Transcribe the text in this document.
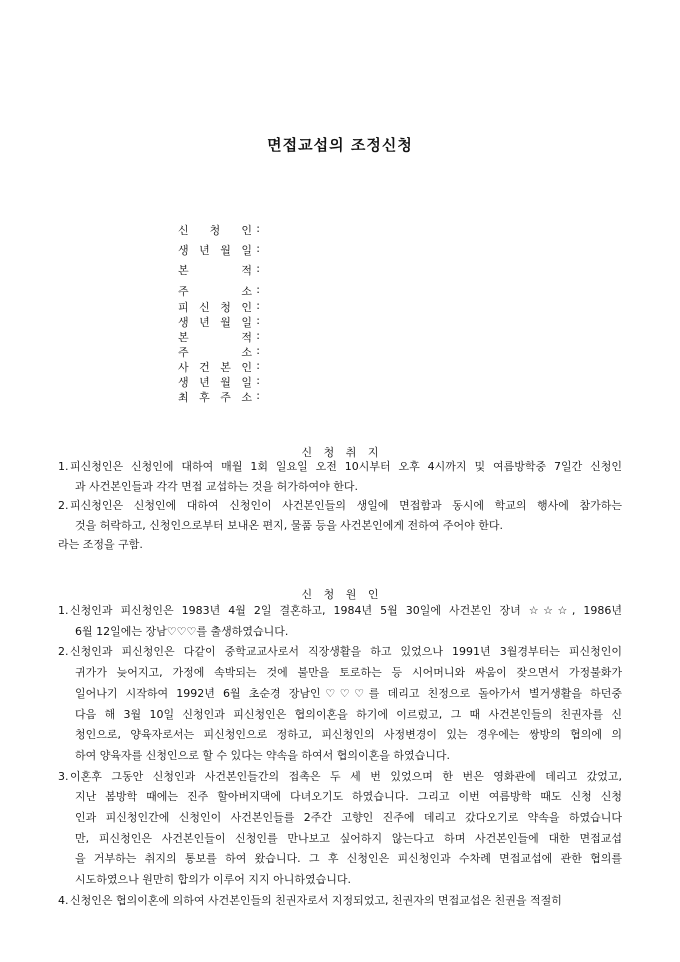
면접교섭의 조정신청
신 청 인 :
생 년 월 일 :
본	적 :
주	소 :
피 신 청 인 :
생 년 월 일 :
본	적 :
주	소 :
사 건 본 인 :
생 년 월 일 :
최 후 주 소 :
신 청 취 지
1. 피신청인은 신청인에 대하여 매월 1회 일요일 오전 10시부터 오후 4시까지 및 여름방학중 7일간 신청인
과 사건본인들과 각각 면접 교섭하는 것을 허가하여야 한다.
2. 피신청인은 신청인에 대하여 신청인이 사건본인들의 생일에 면접함과 동시에 학교의 행사에 참가하는
것을 허락하고, 신청인으로부터 보내온 편지, 물품 등을 사건본인에게 전하여 주어야 한다.
라는 조정을 구함.
신 청 원 인
1. 신청인과 피신청인은 1983년 4월 2일 결혼하고, 1984년 5월 30일에 사건본인 장녀 ☆☆☆, 1986년
6월 12일에는 장남♡♡♡를 출생하였습니다.
2. 신청인과 피신청인은 다같이 중학교교사로서 직장생활을 하고 있었으나 1991년 3월경부터는 피신청인이
귀가가 늦어지고, 가정에 속박되는 것에 불만을 토로하는 등 시어머니와 싸움이 잦으면서 가정불화가
일어나기 시작하여 1992년 6월 초순경 장남인♡♡♡를 데리고 친정으로 돌아가서 별거생활을 하던중
다음 해 3월 10일 신청인과 피신청인은 협의이혼을 하기에 이르렀고, 그 때 사건본인들의 친권자를 신
청인으로, 양육자로서는 피신청인으로 정하고, 피신청인의 사정변경이 있는 경우에는 쌍방의 협의에 의
하여 양육자를 신청인으로 할 수 있다는 약속을 하여서 협의이혼을 하였습니다.
3. 이혼후 그동안 신청인과 사건본인들간의 접촉은 두 세 번 있었으며 한 번은 영화관에 데리고 갔었고,
지난 봄방학 때에는 진주 할아버지댁에 다녀오기도 하였습니다. 그리고 이번 여름방학 때도 신청 신청
인과 피신청인간에 신청인이 사건본인들를 2주간 고향인 진주에 데리고 갔다오기로 약속을 하였습니다
만, 피신청인은 사건본인들이 신청인를 만나보고 싶어하지 않는다고 하며 사건본인들에 대한 면접교섭
을 거부하는 취지의 통보를 하여 왔습니다. 그 후 신청인은 피신청인과 수차례 면접교섭에 관한 협의를
시도하였으나 원만히 합의가 이루어 지지 아니하였습니다.
4. 신청인은 협의이혼에 의하여 사건본인들의 친권자로서 지정되었고, 친권자의 면접교섭은 친권을 적절히
